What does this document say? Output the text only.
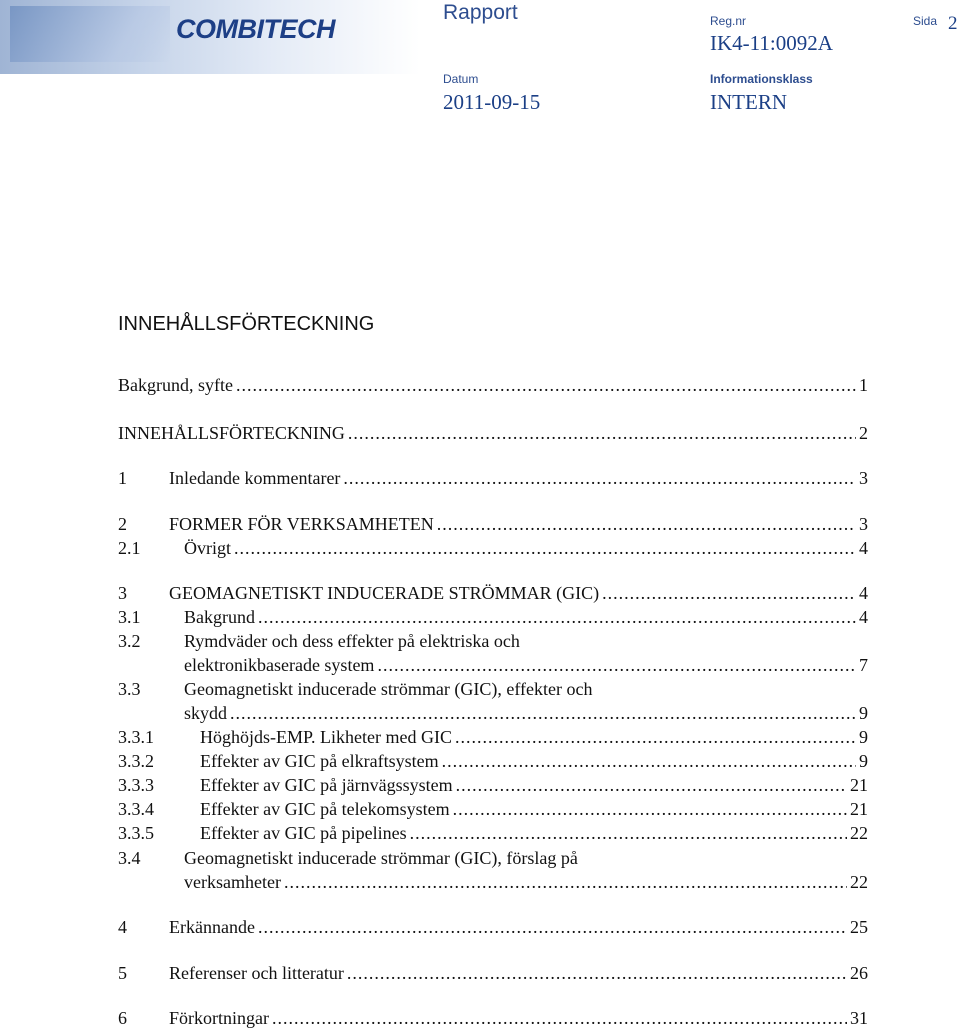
COMBITECH
Rapport	Reg.nr
IK4-11:0092A
Sida 2
Datum
2011-09-15
Informationsklass
INTERN
INNEHÅLLSFÖRTECKNING
Bakgrund, syfte .....	1
INNEHÅLLSFÖRTECKNING .....	2
1	Inledande kommentarer .....	3
2	FORMER FÖR VERKSAMHETEN .....	3
2.1	Övrigt .....	4
3	GEOMAGNETISKT INDUCERADE STRÖMMAR (GIC) .....	4
3.1	Bakgrund .....	4
3.2	Rymdväder och dess effekter på elektriska och
elektronikbaserade system .....	7
3.3	Geomagnetiskt inducerade strömmar (GIC), effekter och
skydd .....	9
3.3.1	Höghöjds-EMP. Likheter med GIC .....	9
3.3.2	Effekter av GIC på elkraftsystem .....	9
3.3.3	Effekter av GIC på järnvägssystem .....	21
3.3.4	Effekter av GIC på telekomsystem .....	21
3.3.5	Effekter av GIC på pipelines .....	22
3.4	Geomagnetiskt inducerade strömmar (GIC), förslag på
verksamheter .....	22
4	Erkännande .....	25
5	Referenser och litteratur .....	26
6	Förkortningar .....	31
